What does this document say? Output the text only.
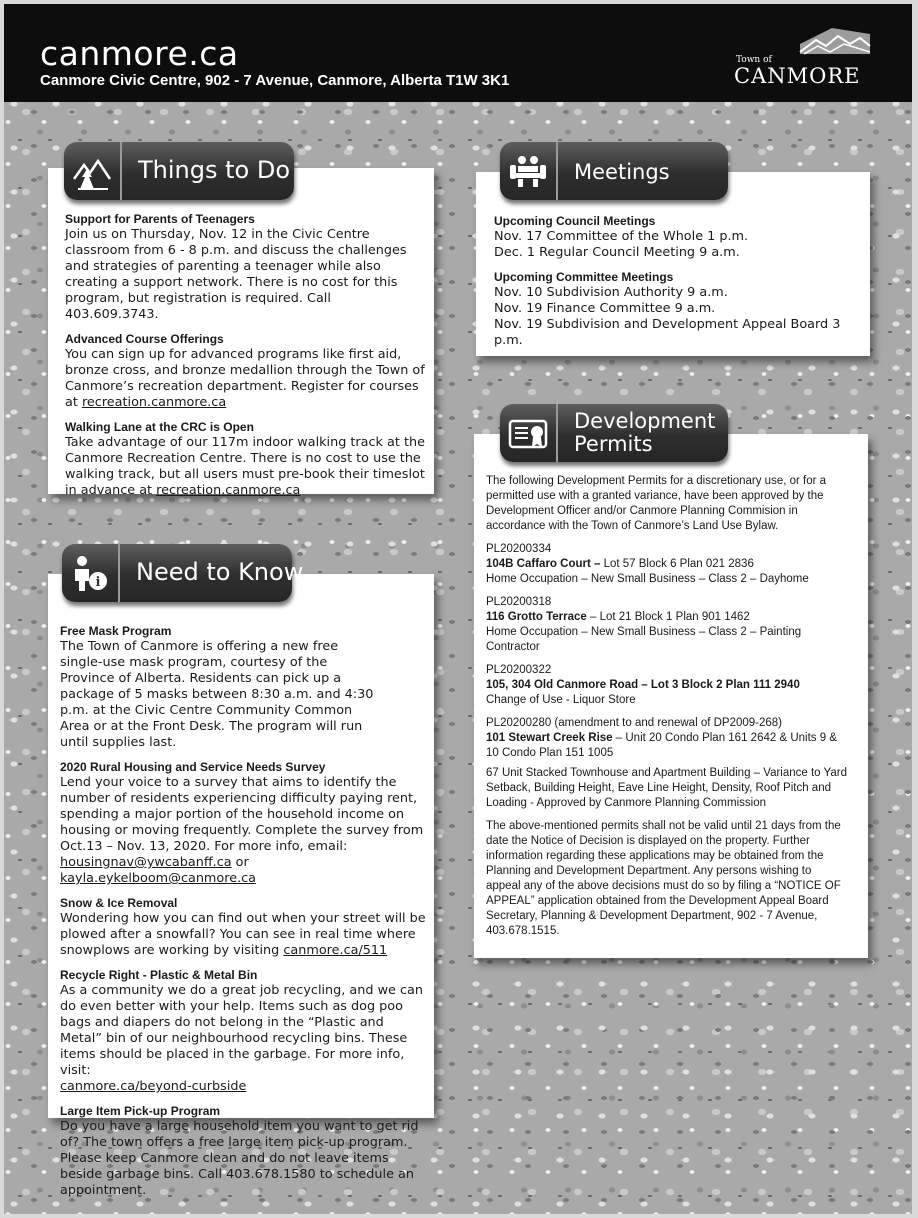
canmore.ca
Canmore Civic Centre, 902 - 7 Avenue, Canmore, Alberta T1W 3K1
Town of
CANMORE
Things to Do
Support for Parents of Teenagers
Join us on Thursday, Nov. 12 in the Civic Centre classroom from 6 - 8 p.m. and discuss the challenges and strategies of parenting a teenager while also creating a support network. There is no cost for this program, but registration is required. Call 403.609.3743.
Advanced Course Offerings
You can sign up for advanced programs like first aid, bronze cross, and bronze medallion through the Town of Canmore’s recreation department. Register for courses at recreation.canmore.ca
Walking Lane at the CRC is Open
Take advantage of our 117m indoor walking track at the Canmore Recreation Centre. There is no cost to use the walking track, but all users must pre-book their timeslot in advance at recreation.canmore.ca
i Need to Know
Free Mask Program
The Town of Canmore is offering a new free single-use mask program, courtesy of the Province of Alberta. Residents can pick up a package of 5 masks between 8:30 a.m. and 4:30 p.m. at the Civic Centre Community Common Area or at the Front Desk. The program will run until supplies last.
2020 Rural Housing and Service Needs Survey
Lend your voice to a survey that aims to identify the number of residents experiencing difficulty paying rent, spending a major portion of the household income on housing or moving frequently. Complete the survey from Oct.13 – Nov. 13, 2020. For more info, email:
housingnav@ywcabanff.ca or kayla.eykelboom@canmore.ca
Snow & Ice Removal
Wondering how you can find out when your street will be plowed after a snowfall? You can see in real time where snowplows are working by visiting canmore.ca/511
Recycle Right - Plastic & Metal Bin
As a community we do a great job recycling, and we can do even better with your help. Items such as dog poo bags and diapers do not belong in the “Plastic and Metal” bin of our neighbourhood recycling bins. These items should be placed in the garbage. For more info, visit:
canmore.ca/beyond-curbside
Large Item Pick-up Program
Do you have a large household item you want to get rid of? The town offers a free large item pick-up program. Please keep Canmore clean and do not leave items beside garbage bins. Call 403.678.1580 to schedule an appointment.
Meetings
Upcoming Council Meetings
Nov. 17 Committee of the Whole 1 p.m.
Dec. 1 Regular Council Meeting 9 a.m.
Upcoming Committee Meetings
Nov. 10 Subdivision Authority 9 a.m.
Nov. 19 Finance Committee 9 a.m.
Nov. 19 Subdivision and Development Appeal Board 3 p.m.
Development
Permits
The following Development Permits for a discretionary use, or for a permitted use with a granted variance, have been approved by the Development Officer and/or Canmore Planning Commision in accordance with the Town of Canmore’s Land Use Bylaw.
PL20200334
104B Caffaro Court – Lot 57 Block 6 Plan 021 2836
Home Occupation – New Small Business – Class 2 – Dayhome
PL20200318
116 Grotto Terrace – Lot 21 Block 1 Plan 901 1462
Home Occupation – New Small Business – Class 2 – Painting Contractor
PL20200322
105, 304 Old Canmore Road – Lot 3 Block 2 Plan 111 2940
Change of Use - Liquor Store
PL20200280 (amendment to and renewal of DP2009-268)
101 Stewart Creek Rise – Unit 20 Condo Plan 161 2642 & Units 9 & 10 Condo Plan 151 1005
67 Unit Stacked Townhouse and Apartment Building – Variance to Yard Setback, Building Height, Eave Line Height, Density, Roof Pitch and Loading - Approved by Canmore Planning Commission
The above-mentioned permits shall not be valid until 21 days from the date the Notice of Decision is displayed on the property. Further information regarding these applications may be obtained from the Planning and Development Department. Any persons wishing to appeal any of the above decisions must do so by filing a “NOTICE OF APPEAL” application obtained from the Development Appeal Board Secretary, Planning & Development Department, 902 - 7 Avenue, 403.678.1515.
